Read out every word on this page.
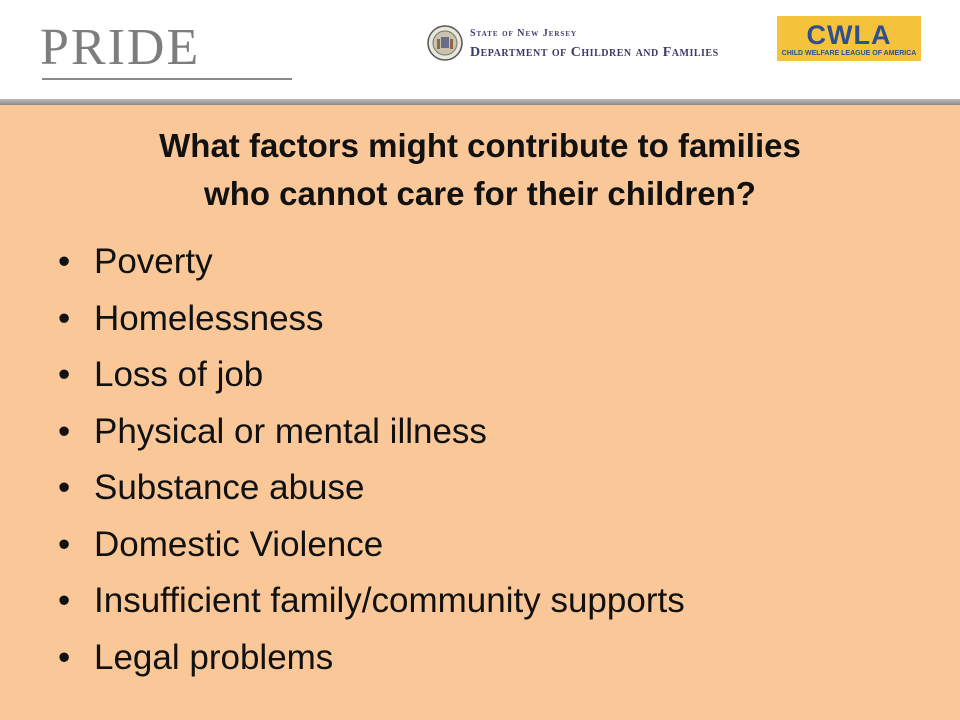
PRIDE	State of New Jersey
Department of Children and Families
CWLA
CHILD WELFARE LEAGUE OF AMERICA
What factors might contribute to families
who cannot care for their children?
• Poverty
• Homelessness
• Loss of job
• Physical or mental illness
• Substance abuse
• Domestic Violence
• Insufficient family/community supports
• Legal problems
